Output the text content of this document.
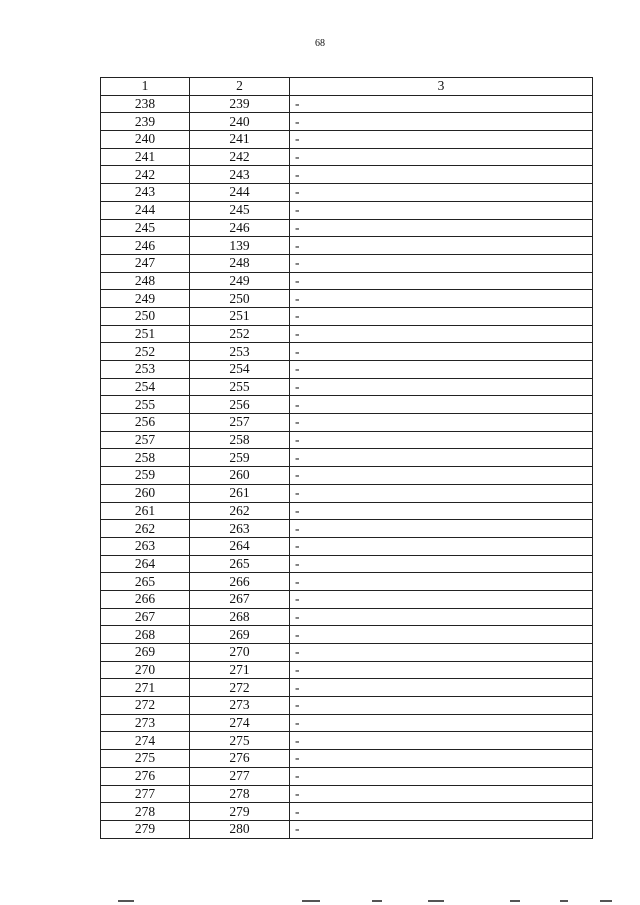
68
1	2	3
238	239	-
239	240	-
240	241	-
241	242	-
242	243	-
243	244	-
244	245	-
245	246	-
246	139	-
247	248	-
248	249	-
249	250	-
250	251	-
251	252	-
252	253	-
253	254	-
254	255	-
255	256	-
256	257	-
257	258	-
258	259	-
259	260	-
260	261	-
261	262	-
262	263	-
263	264	-
264	265	-
265	266	-
266	267	-
267	268	-
268	269	-
269	270	-
270	271	-
271	272	-
272	273	-
273	274	-
274	275	-
275	276	-
276	277	-
277	278	-
278	279	-
279	280	-
